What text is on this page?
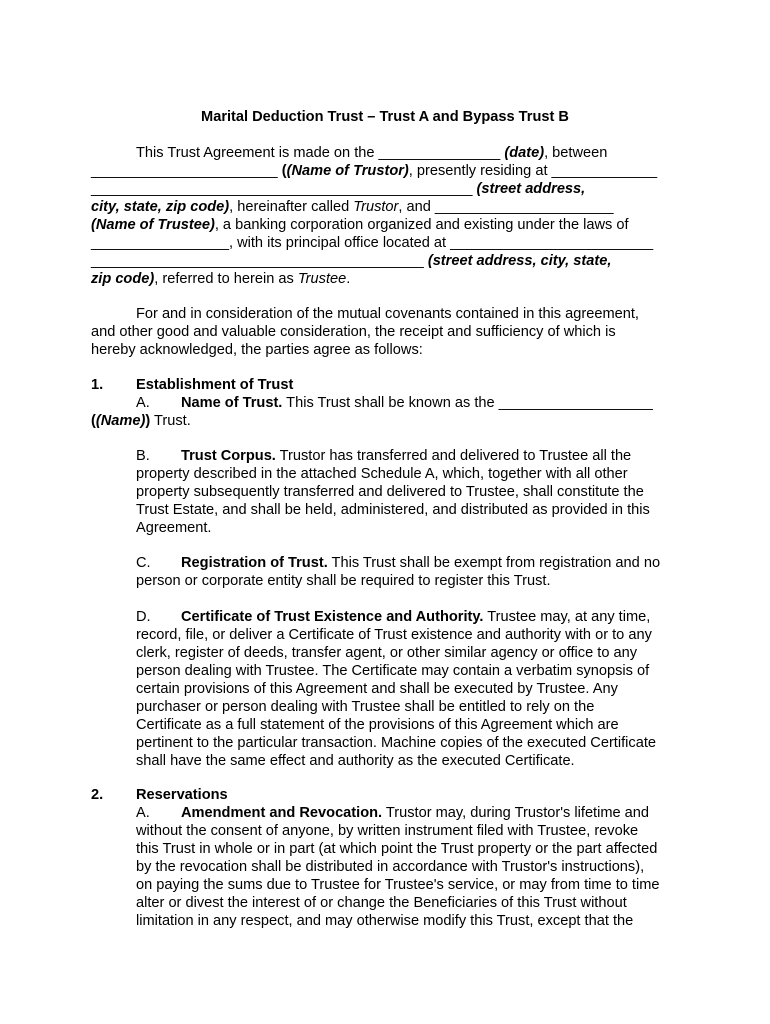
Marital Deduction Trust – Trust A and Bypass Trust B

This Trust Agreement is made on the _______________ (date), between
_______________________ ((Name of Trustor), presently residing at _____________
_______________________________________________ (street address,
city, state, zip code), hereinafter called Trustor, and ______________________
(Name of Trustee), a banking corporation organized and existing under the laws of
_________________, with its principal office located at _________________________
_________________________________________ (street address, city, state,
zip code), referred to herein as Trustee.
For and in consideration of the mutual covenants contained in this agreement,
and other good and valuable consideration, the receipt and sufficiency of which is
hereby acknowledged, the parties agree as follows:
1. Establishment of Trust
A. Name of Trust. This Trust shall be known as the ___________________
((Name)) Trust.
B. Trust Corpus. Trustor has transferred and delivered to Trustee all the
property described in the attached Schedule A, which, together with all other
property subsequently transferred and delivered to Trustee, shall constitute the
Trust Estate, and shall be held, administered, and distributed as provided in this
Agreement.
C. Registration of Trust. This Trust shall be exempt from registration and no
person or corporate entity shall be required to register this Trust.
D. Certificate of Trust Existence and Authority. Trustee may, at any time,
record, file, or deliver a Certificate of Trust existence and authority with or to any
clerk, register of deeds, transfer agent, or other similar agency or office to any
person dealing with Trustee. The Certificate may contain a verbatim synopsis of
certain provisions of this Agreement and shall be executed by Trustee. Any
purchaser or person dealing with Trustee shall be entitled to rely on the
Certificate as a full statement of the provisions of this Agreement which are
pertinent to the particular transaction. Machine copies of the executed Certificate
shall have the same effect and authority as the executed Certificate.
2. Reservations
A. Amendment and Revocation. Trustor may, during Trustor's lifetime and
without the consent of anyone, by written instrument filed with Trustee, revoke
this Trust in whole or in part (at which point the Trust property or the part affected
by the revocation shall be distributed in accordance with Trustor's instructions),
on paying the sums due to Trustee for Trustee's service, or may from time to time
alter or divest the interest of or change the Beneficiaries of this Trust without
limitation in any respect, and may otherwise modify this Trust, except that the
